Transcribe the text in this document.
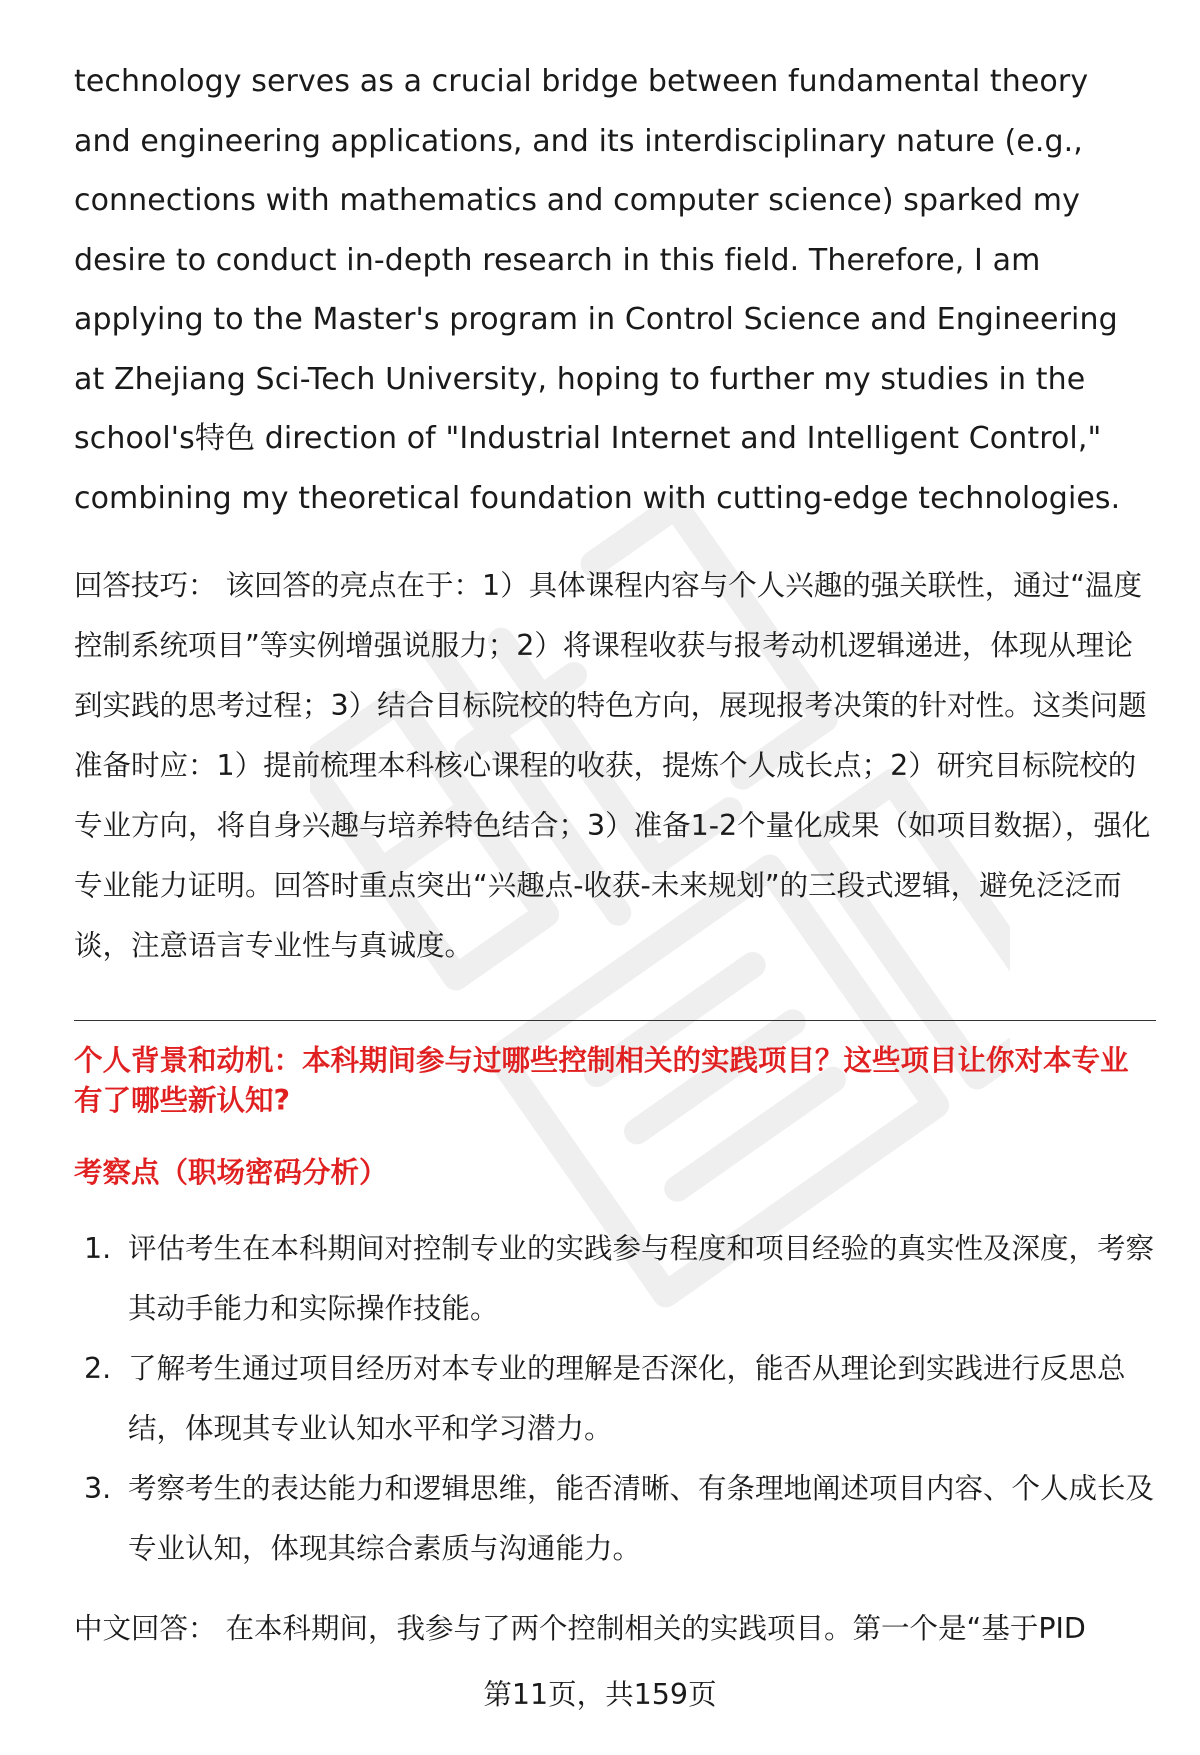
technology serves as a crucial bridge between fundamental theory and engineering applications, and its interdisciplinary nature (e.g., connections with mathematics and computer science) sparked my desire to conduct in-depth research in this field. Therefore, I am applying to the Master's program in Control Science and Engineering at Zhejiang Sci-Tech University, hoping to further my studies in the school's特色 direction of "Industrial Internet and Intelligent Control," combining my theoretical foundation with cutting-edge technologies.

回答技巧： 该回答的亮点在于：1）具体课程内容与个人兴趣的强关联性，通过“温度控制系统项目”等实例增强说服力；2）将课程收获与报考动机逻辑递进，体现从理论到实践的思考过程；3）结合目标院校的特色方向，展现报考决策的针对性。这类问题准备时应：1）提前梳理本科核心课程的收获，提炼个人成长点；2）研究目标院校的专业方向，将自身兴趣与培养特色结合；3）准备1-2个量化成果（如项目数据），强化专业能力证明。回答时重点突出“兴趣点-收获-未来规划”的三段式逻辑，避免泛泛而谈，注意语言专业性与真诚度。

个人背景和动机：本科期间参与过哪些控制相关的实践项目？这些项目让你对本专业有了哪些新认知?
考察点（职场密码分析）
1. 评估考生在本科期间对控制专业的实践参与程度和项目经验的真实性及深度，考察其动手能力和实际操作技能。
2. 了解考生通过项目经历对本专业的理解是否深化，能否从理论到实践进行反思总结，体现其专业认知水平和学习潜力。
3. 考察考生的表达能力和逻辑思维，能否清晰、有条理地阐述项目内容、个人成长及专业认知，体现其综合素质与沟通能力。

中文回答： 在本科期间，我参与了两个控制相关的实践项目。第一个是“基于PID

第11页，共159页
